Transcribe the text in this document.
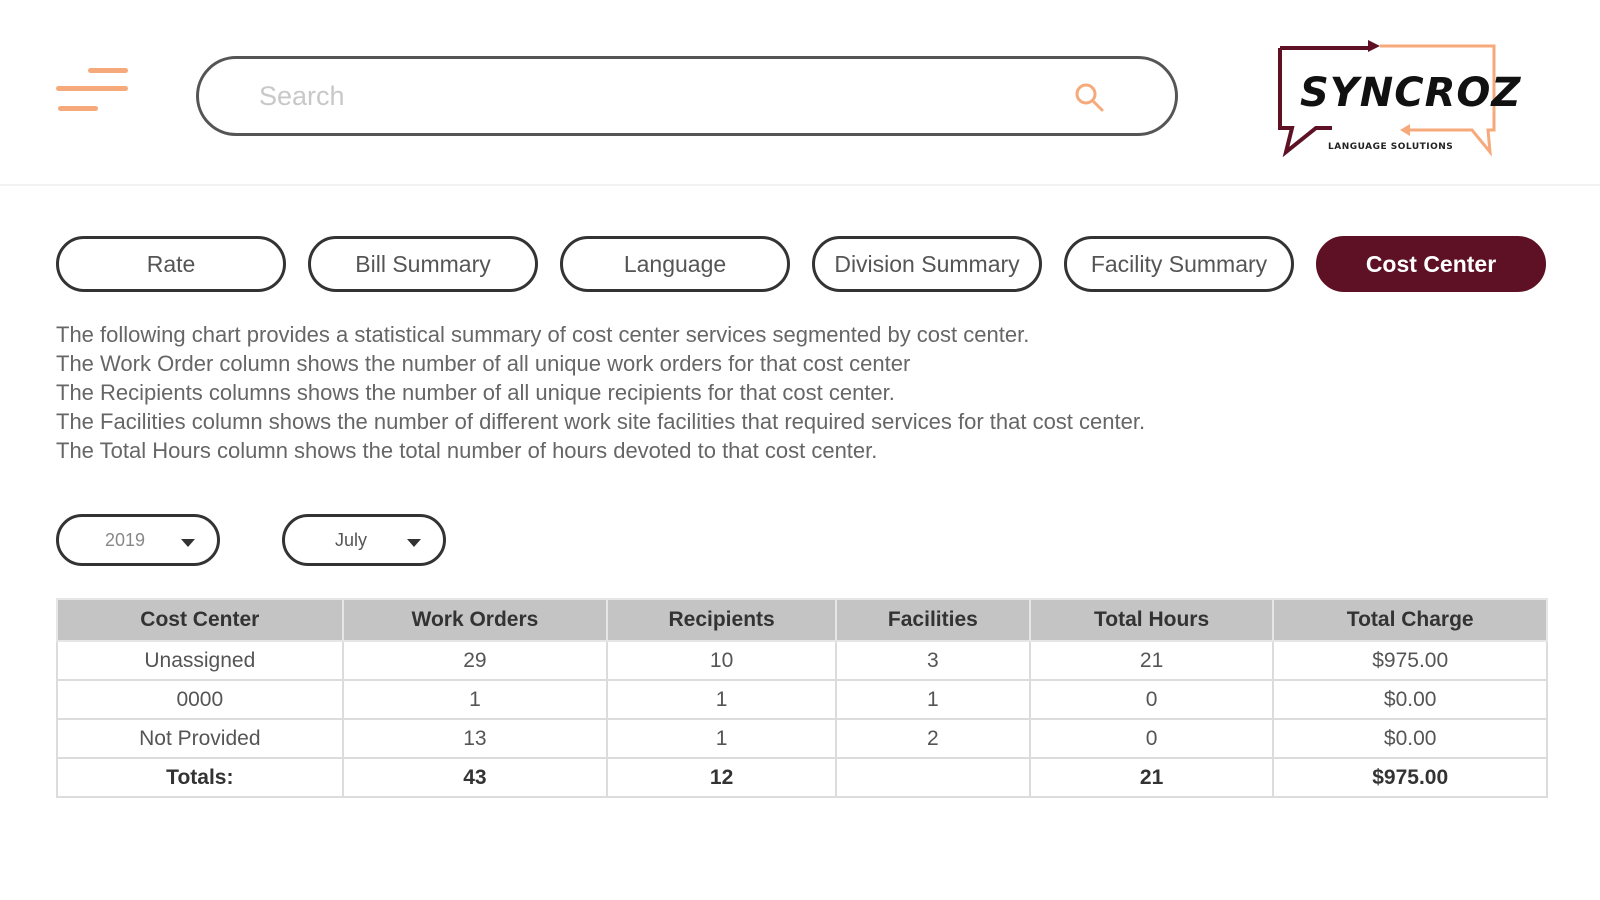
Search
SYNCROZ
LANGUAGE SOLUTIONS
Rate	Bill Summary	Language	Division Summary	Facility Summary	Cost Center

The following chart provides a statistical summary of cost center services segmented by cost center.

The Work Order column shows the number of all unique work orders for that cost center

The Recipients columns shows the number of all unique recipients for that cost center.

The Facilities column shows the number of different work site facilities that required services for that cost center.

The Total Hours column shows the total number of hours devoted to that cost center.

2019	July
Cost Center	Work Orders	Recipients	Facilities	Total Hours	Total Charge
Unassigned	29	10	3	21	$975.00
0000	1	1	1	0	$0.00
Not Provided	13	1	2	0	$0.00
Totals:	43	12		21	$975.00
